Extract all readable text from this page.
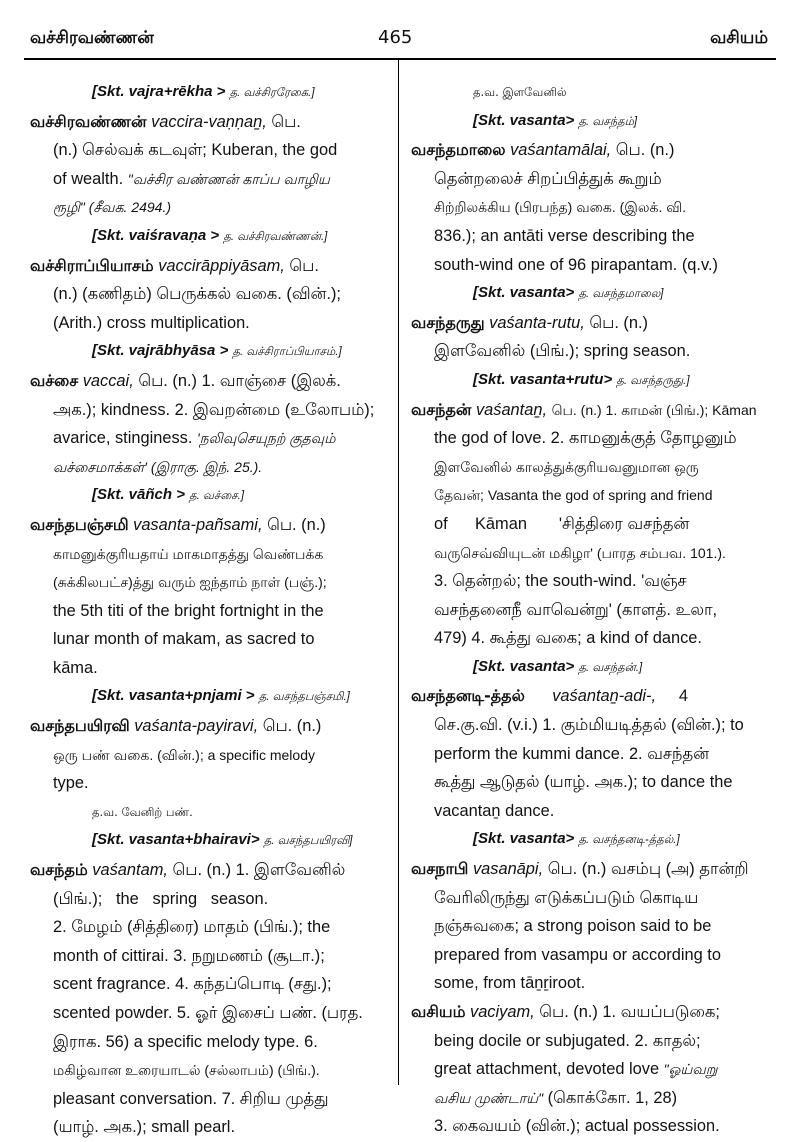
வச்சிரவண்ணன்	465	வசியம்
[Skt. vajra+rēkha > த. வச்சிரரேகை.]
வச்சிரவண்ணன் vaccira-vaṇṇaṉ, பெ.
(n.) செல்வக் கடவுள்; Kuberan, the god
of wealth. "வச்சிர வண்ணன் காப்ப வாழிய
ரூழி" (சீவக. 2494.)
[Skt. vaiśravaṇa > த. வச்சிரவண்ணன்.]
வச்சிராப்பியாசம் vaccirāppiyāsam, பெ.
(n.) (கணிதம்) பெருக்கல் வகை. (வின்.);
(Arith.) cross multiplication.
[Skt. vajrābhyāsa > த. வச்சிராப்பியாசம்.]
வச்சை vaccai, பெ. (n.) 1. வாஞ்சை (இலக்.
அக.); kindness. 2. இவறன்மை (உலோபம்);
avarice, stinginess. 'நலிவுசெயுநற் குதவும்
வச்சைமாக்கள்' (இராகு. இந். 25.).
[Skt. vāñch > த. வச்சை.]
வசந்தபஞ்சமி vasanta-pañsami, பெ. (n.)
காமனுக்குரியதாய் மாகமாதத்து வெண்பக்க
(சுக்கிலபட்ச)த்து வரும் ஐந்தாம் நாள் (பஞ்.);
the 5th titi of the bright fortnight in the
lunar month of makam, as sacred to
kāma.
[Skt. vasanta+pnjami > த. வசந்தபஞ்சமி.]
வசந்தபயிரவி vaśanta-payiravi, பெ. (n.)
ஒரு பண் வகை. (வின்.); a specific melody
type.
த.வ. வேனிற் பண்.
[Skt. vasanta+bhairavi> த. வசந்தபயிரவி]
வசந்தம் vaśantam, பெ. (n.) 1. இளவேனில்
(பிங்.);   the   spring   season.
2. மேழம் (சித்திரை) மாதம் (பிங்.); the
month of cittirai. 3. நறுமணம் (சூடா.);
scent fragrance. 4. கந்தப்பொடி (சது.);
scented powder. 5. ஓர் இசைப் பண். (பரத.
இராக. 56) a specific melody type. 6.
மகிழ்வான உரையாடல் (சல்லாபம்) (பிங்.).
pleasant conversation. 7. சிறிய முத்து
(யாழ். அக.); small pearl.
த.வ. இளவேனில்
[Skt. vasanta> த. வசந்தம்]
வசந்தமாலை vaśantamālai, பெ. (n.)
தென்றலைச் சிறப்பித்துக் கூறும்
சிற்றிலக்கிய (பிரபந்த) வகை. (இலக். வி.
836.); an antāti verse describing the
south-wind one of 96 pirapantam. (q.v.)
[Skt. vasanta> த. வசந்தமாலை]
வசந்தருது vaśanta-rutu, பெ. (n.)
இளவேனில் (பிங்.); spring season.
[Skt. vasanta+rutu> த. வசந்தருது.]
வசந்தன் vaśantaṉ, பெ. (n.) 1. காமன் (பிங்.); Kāman
the god of love. 2. காமனுக்குத் தோழனும்
இளவேனில் காலத்துக்குரியவனுமான ஒரு
தேவன்; Vasanta the god of spring and friend
of Kāman 'சித்திரை வசந்தன்
வருசெவ்வியுடன் மகிழா' (பாரத சம்பவ. 101.).
3. தென்றல்; the south-wind. 'வஞ்ச
வசந்தனைநீ வாவென்று' (காளத். உலா,
479) 4. கூத்து வகை; a kind of dance.
[Skt. vasanta> த. வசந்தன்.]
வசந்தனடி-த்தல் vaśantaṉ-adi-, 4
செ.கு.வி. (v.i.) 1. கும்மியடித்தல் (வின்.); to
perform the kummi dance. 2. வசந்தன்
கூத்து ஆடுதல் (யாழ். அக.); to dance the
vacantaṉ dance.
[Skt. vasanta> த. வசந்தனடி-த்தல்.]
வசநாபி vasanāpi, பெ. (n.) வசம்பு (அ) தான்றி
வேரிலிருந்து எடுக்கப்படும் கொடிய
நஞ்சுவகை; a strong poison said to be
prepared from vasampu or according to
some, from tāṉṟiroot.
வசியம் vaciyam, பெ. (n.) 1. வயப்படுகை;
being docile or subjugated. 2. காதல்;
great attachment, devoted love "ஓய்வறு
வசிய முண்டாய்" (கொக்கோ. 1, 28)
3. கைவயம் (வின்.); actual possession.
